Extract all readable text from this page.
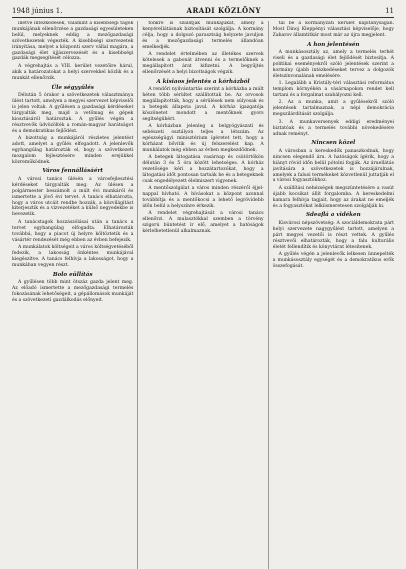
1948 június 1.	ARADI KÖZLÖNY	11

illetve intézkedések, valamint a kisebbségi tagok munkájának ellenőrzése a gazdasági egyesületeken belül, melyeknek eddig a mezőgazdasági szövetkezetek végezték. A kisebbségi szervezetek irányítása, melyet a központi szerv vállal magára, a gazdasági élet újjászervezését és a kisebbségi gazdák megsegítését célozza.

A végrehajtás a VIII. kerület vezetőire hárul, akik a határozatokat a helyi szervekkel közlik és a munkát ellenőrzik.

Üle ségyyűlés

Délután 5 órakor a szövetkezetek választmánya ülést tartott, amelyen a megyei szervezet képviselői is jelen voltak. A gyűlésen a gazdasági kérdéseket tárgyalták meg, majd a vetőmag és gépek kiosztásáról határoztak. A gyűlés végén a résztvevők üdvözölték a román-magyar barátságot és a demokratikus fejlődést.

A bizottság a munkájáról részletes jelentést adott, amelyet a gyűlés elfogadott. A jelenlevők egyhangúlag határozták el, hogy a szövetkezeti mozgalom fejlesztésére minden erejükkel közreműködnek.

Város fennállásáért

A városi tanács ülésén a városfejlesztési kérdéseket tárgyalták meg. Az ülésen a polgármester beszámolt a múlt évi munkáról és ismertette a jövő évi tervet. A tanács elhatározta, hogy a város utcáit rendbe hozzák, a közvilágítást kiterjesztik és a vízvezetéket a külső negyedekbe is bevezetik.

A tanácstagok hozzászólásai után a tanács a tervet egyhangúlag elfogadta. Elhatározták továbbá, hogy a piacot új helyre költöztetik és a vásártér rendezését még ebben az évben befejezik.

A munkálatok költségeit a város költségvetéséből fedezik, a lakosság önkéntes munkájával kiegészítve. A tanács felhívja a lakosságot, hogy a munkában vegyen részt.

Bolo eüllítás

A gyűlésen több mint ötszáz gazda jelent meg. Az előadó ismertette a mezőgazdasági termelés fokozásának lehetőségeit, a gépállomások munkáját és a szövetkezeti gazdálkodás előnyeit.

tönkre is szállítják munkájukat, amely a kenyérellátásnak biztosítását szolgálja. A kormány célja, hogy a dolgozó parasztság helyzete javuljon és a mezőgazdasági termelés állandóan emelkedjék.

A rendelet értelmében az illetékes szervek kötelesek a gabonát átvenni és a termelőknek a megállapított árat kifizetni. A begyűjtés ellenőrzését a helyi bizottságok végzik.

A kisiaos jelentés a kórházból

A rendőri nyilvántartás szerint a kórházba a múlt héten több sérültet szállítottak be. Az orvosok megállapították, hogy a sérülések nem súlyosak és a betegek állapota javul. A kórház igazgatója köszönetet mondott a mentőknek gyors segítségükért.

A kórházban jelenleg a belgyógyászati és sebészeti osztályon teljes a létszám. Az egészségügyi minisztérium ígéretet tett, hogy a kórházat bővítik és új felszerelést kap. A munkálatok még ebben az évben megkezdődnek.

A betegek látogatása vasárnap és csütörtökön délután 3 és 5 óra között lehetséges. A kórház vezetősége kéri a hozzátartozókat, hogy a látogatási időt pontosan tartsák be és a betegeknek csak engedélyezett élelmiszert vigyenek.

A mentőszolgálat a város minden részéről éjjel-nappal hívható. A hívásokat a központ azonnal továbbítja és a mentőkocsi a lehető legrövidebb időn belül a helyszínre érkezik.

A rendelet végrehajtását a városi tanács ellenőrzi. A mulasztókkal szemben a törvény szigorú büntetést ír elő, amelyet a hatóságok kérlelhetetlenül alkalmaznak.

tál be a kormányzati kerület kapitányságán. Most Dinoj Kleppényi választási képviselője, hogy Zaharov államtitkár most már az újra megjelent.

A hon jelentésén

A munkásosztály az, amely a termelés terhét viseli és a gazdasági élet fejlődését biztosítja. A politikai eseményekről szóló jelentések szerint a kormány újabb intézkedéseket tervez a dolgozók életszínvonalának emelésére.

1. Legalább a Kristály-téri választási református templom környékén a vásárnapokon rendet kell tartani és a forgalmat szabályozni kell.

2. Az a munka, amit a gyűlésekről szóló jelentések tartalmaznak, a népi demokrácia megszilárdítását szolgálja.

3. A munkaversenyek eddigi eredményei biztatóak és a termelés további növekedésére adnak reményt.

Nincsen közel

A városban a kereskedők panaszkodnak, hogy nincsen elegendő áru. A hatóságok ígérik, hogy a hiányt rövid időn belül pótolni fogják. Az áruellátás javítására a szövetkezetek is hozzájárulnak, amelyek a falusi termékeket közvetlenül juttatják el a városi fogyasztókhoz.

A szállítási nehézségek megszüntetésére a vasút újabb kocsikat állít forgalomba. A kereskedelmi kamara felhívja tagjait, hogy az árakat ne emeljék és a fogyasztókat lelkiismeretesen szolgálják ki.

Sdeaflá a vidéken

Kisvárosi népszövetség: A szociáldemokrata párt helyi szervezete nagygyűlést tartott, amelyen a párt megyei vezetői is részt vettek. A gyűlés résztvevői elhatározták, hogy a falu kulturális életét fellendítik és könyvtárat létesítenek.

A gyűlés végén a jelenlevők lelkesen ünnepelték a munkásosztály egységét és a demokratikus erők összefogását.
